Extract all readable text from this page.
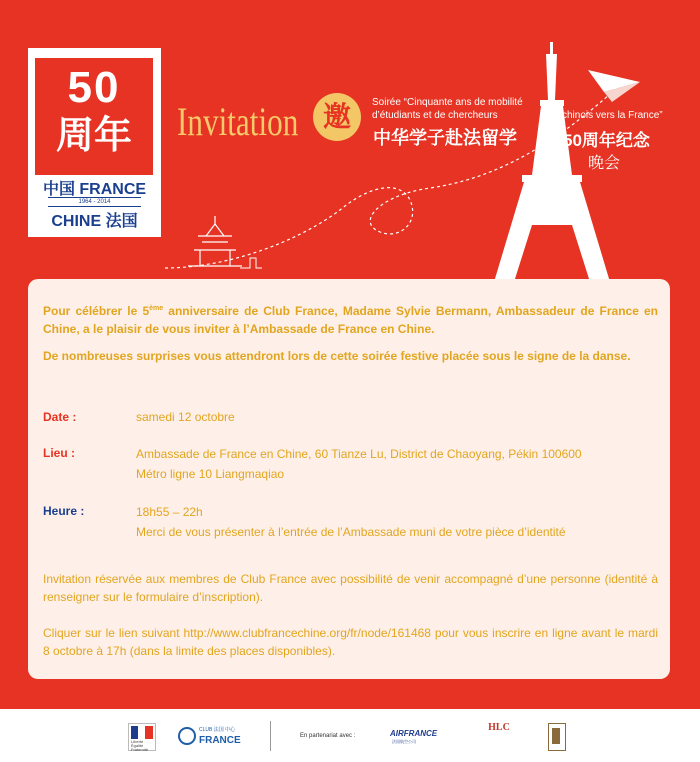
50
周年
中国 FRANCE
1964 - 2014
CHINE 法国
Invitation 邀	Soirée “Cinquante ans de mobilité
d’étudiants et de chercheurs	chinois vers la France”
中华学子赴法留学	50周年纪念
晚会
Pour célébrer le 5ème anniversaire de Club France, Madame Sylvie Bermann, Ambassadeur de France en Chine, a le plaisir de vous inviter à l’Ambassade de France en Chine.
De nombreuses surprises vous attendront lors de cette soirée festive placée sous le signe de la danse.
Date :	samedi 12 octobre
Lieu :	Ambassade de France en Chine, 60 Tianze Lu, District de Chaoyang, Pékin 100600
Métro ligne 10 Liangmaqiao
Heure :	18h55 – 22h
Merci de vous présenter à l’entrée de l’Ambassade muni de votre pièce d’identité
Invitation réservée aux membres de Club France avec possibilité de venir accompagné d’une personne (identité à renseigner sur le formulaire d’inscription).
Cliquer sur le lien suivant http://www.clubfrancechine.org/fr/node/161468 pour vous inscrire en ligne avant le mardi 8 octobre à 17h (dans la limite des places disponibles).
Liberté Égalité Fraternité
CLUB 法国 中心
FRANCE	En partenariat avec :	AIRFRANCE
法国航空公司
HLC
